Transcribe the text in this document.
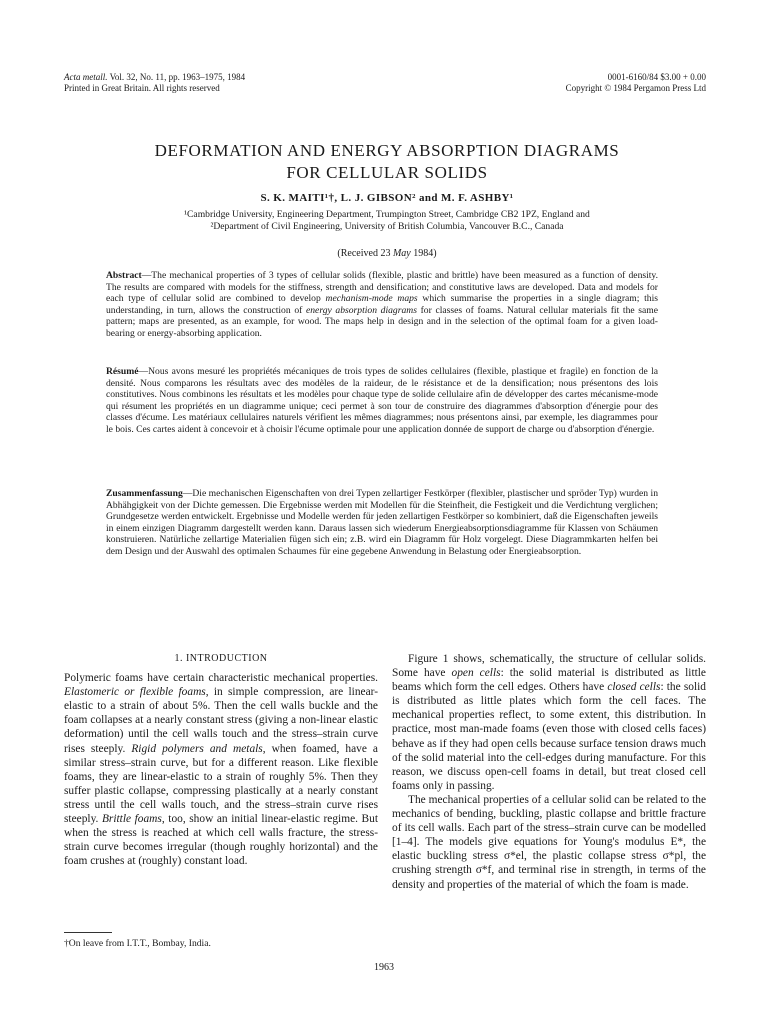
Acta metall. Vol. 32, No. 11, pp. 1963–1975, 1984
Printed in Great Britain. All rights reserved
0001-6160/84 $3.00 + 0.00
Copyright © 1984 Pergamon Press Ltd
DEFORMATION AND ENERGY ABSORPTION DIAGRAMS
FOR CELLULAR SOLIDS
S. K. MAITI¹†, L. J. GIBSON² and M. F. ASHBY¹
¹Cambridge University, Engineering Department, Trumpington Street, Cambridge CB2 1PZ, England and
²Department of Civil Engineering, University of British Columbia, Vancouver B.C., Canada
(Received 23 May 1984)
Abstract—The mechanical properties of 3 types of cellular solids (flexible, plastic and brittle) have been measured as a function of density. The results are compared with models for the stiffness, strength and densification; and constitutive laws are developed. Data and models for each type of cellular solid are combined to develop mechanism-mode maps which summarise the properties in a single diagram; this understanding, in turn, allows the construction of energy absorption diagrams for classes of foams. Natural cellular materials fit the same pattern; maps are presented, as an example, for wood. The maps help in design and in the selection of the optimal foam for a given load-bearing or energy-absorbing application.
Résumé—Nous avons mesuré les propriétés mécaniques de trois types de solides cellulaires (flexible, plastique et fragile) en fonction de la densité. Nous comparons les résultats avec des modèles de la raideur, de le résistance et de la densification; nous présentons des lois constitutives. Nous combinons les résultats et les modèles pour chaque type de solide cellulaire afin de développer des cartes mécanisme-mode qui résument les propriétés en un diagramme unique; ceci permet à son tour de construire des diagrammes d'absorption d'énergie pour des classes d'écume. Les matériaux cellulaires naturels vérifient les mêmes diagrammes; nous présentons ainsi, par exemple, les diagrammes pour le bois. Ces cartes aident à concevoir et à choisir l'écume optimale pour une application donnée de support de charge ou d'absorption d'énergie.
Zusammenfassung—Die mechanischen Eigenschaften von drei Typen zellartiger Festkörper (flexibler, plastischer und spröder Typ) wurden in Abhähgigkeit von der Dichte gemessen. Die Ergebnisse werden mit Modellen für die Steinfheit, die Festigkeit und die Verdichtung verglichen; Grundgesetze werden entwickelt. Ergebnisse und Modelle werden für jeden zellartigen Festkörper so kombiniert, daß die Eigenschaften jeweils in einem einzigen Diagramm dargestellt werden kann. Daraus lassen sich wiederum Energieabsorptionsdiagramme für Klassen von Schäumen konstruieren. Natürliche zellartige Materialien fügen sich ein; z.B. wird ein Diagramm für Holz vorgelegt. Diese Diagrammkarten helfen bei dem Design und der Auswahl des optimalen Schaumes für eine gegebene Anwendung in Belastung oder Energieabsorption.
1. INTRODUCTION

Polymeric foams have certain characteristic mechanical properties. Elastomeric or flexible foams, in simple compression, are linear-elastic to a strain of about 5%. Then the cell walls buckle and the foam collapses at a nearly constant stress (giving a non-linear elastic deformation) until the cell walls touch and the stress–strain curve rises steeply. Rigid polymers and metals, when foamed, have a similar stress–strain curve, but for a different reason. Like flexible foams, they are linear-elastic to a strain of roughly 5%. Then they suffer plastic collapse, compressing plastically at a nearly constant stress until the cell walls touch, and the stress–strain curve rises steeply. Brittle foams, too, show an initial linear-elastic regime. But when the stress is reached at which cell walls fracture, the stress-strain curve becomes irregular (though roughly horizontal) and the foam crushes at (roughly) constant load.

Figure 1 shows, schematically, the structure of cellular solids. Some have open cells: the solid material is distributed as little beams which form the cell edges. Others have closed cells: the solid is distributed as little plates which form the cell faces. The mechanical properties reflect, to some extent, this distribution. In practice, most man-made foams (even those with closed cells faces) behave as if they had open cells because surface tension draws much of the solid material into the cell-edges during manufacture. For this reason, we discuss open-cell foams in detail, but treat closed cell foams only in passing.

The mechanical properties of a cellular solid can be related to the mechanics of bending, buckling, plastic collapse and brittle fracture of its cell walls. Each part of the stress–strain curve can be modelled [1–4]. The models give equations for Young's modulus E*, the elastic buckling stress σ*el, the plastic collapse stress σ*pl, the crushing strength σ*f, and terminal rise in strength, in terms of the density and properties of the material of which the foam is made.

†On leave from I.T.T., Bombay, India.
1963
